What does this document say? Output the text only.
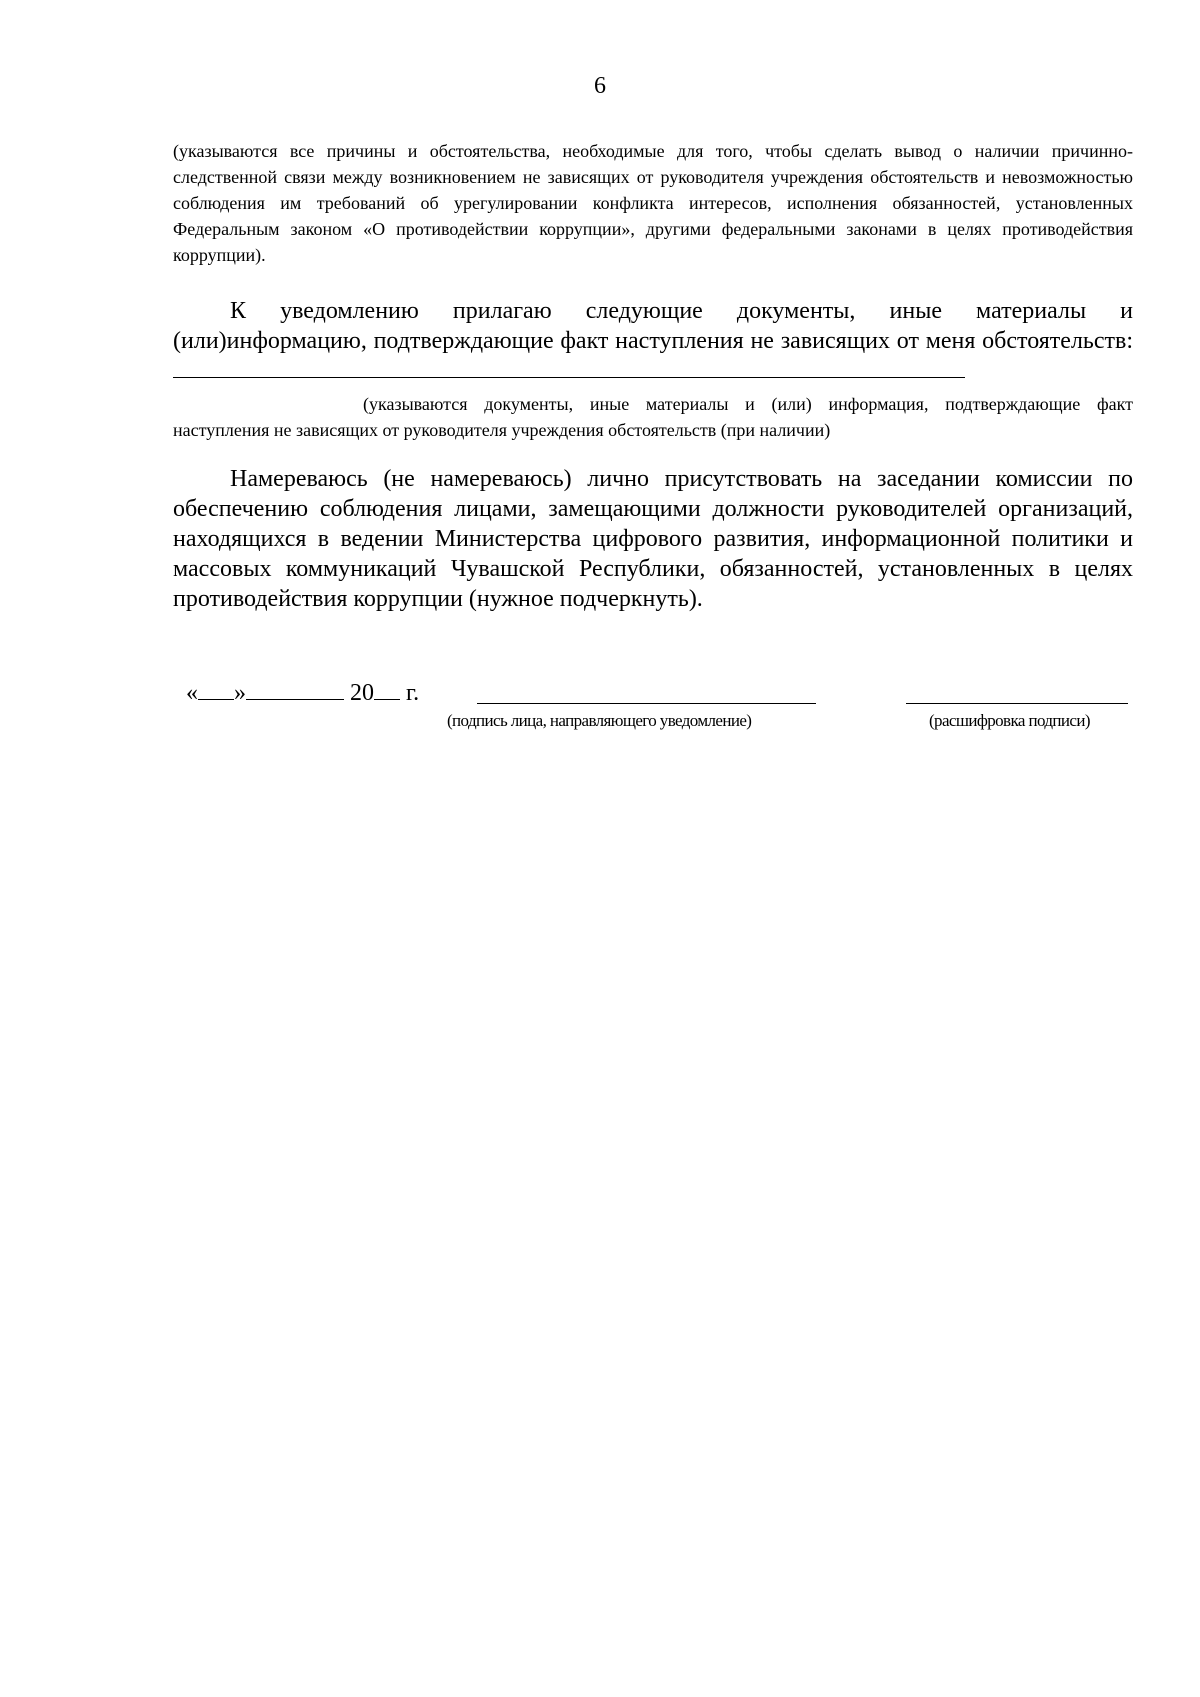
6

(указываются все причины и обстоятельства, необходимые для того, чтобы сделать вывод о наличии причинно-следственной связи между возникновением не зависящих от руководителя учреждения обстоятельств и невозможностью соблюдения им требований об урегулировании конфликта интересов, исполнения обязанностей, установленных Федеральным законом «О противодействии коррупции», другими федеральными законами в целях противодействия коррупции).

К уведомлению прилагаю следующие документы, иные материалы и (или)информацию, подтверждающие факт наступления не зависящих от меня обстоятельств:

(указываются документы, иные материалы и (или) информация, подтверждающие факт наступления не зависящих от руководителя учреждения обстоятельств (при наличии)

Намереваюсь (не намереваюсь) лично присутствовать на заседании комиссии по обеспечению соблюдения лицами, замещающими должности руководителей организаций, находящихся в ведении Министерства цифрового развития, информационной политики и массовых коммуникаций Чувашской Республики, обязанностей, установленных в целях противодействия коррупции (нужное подчеркнуть).

« »	20 г.
(подпись лица, направляющего уведомление)	(расшифровка подписи)
